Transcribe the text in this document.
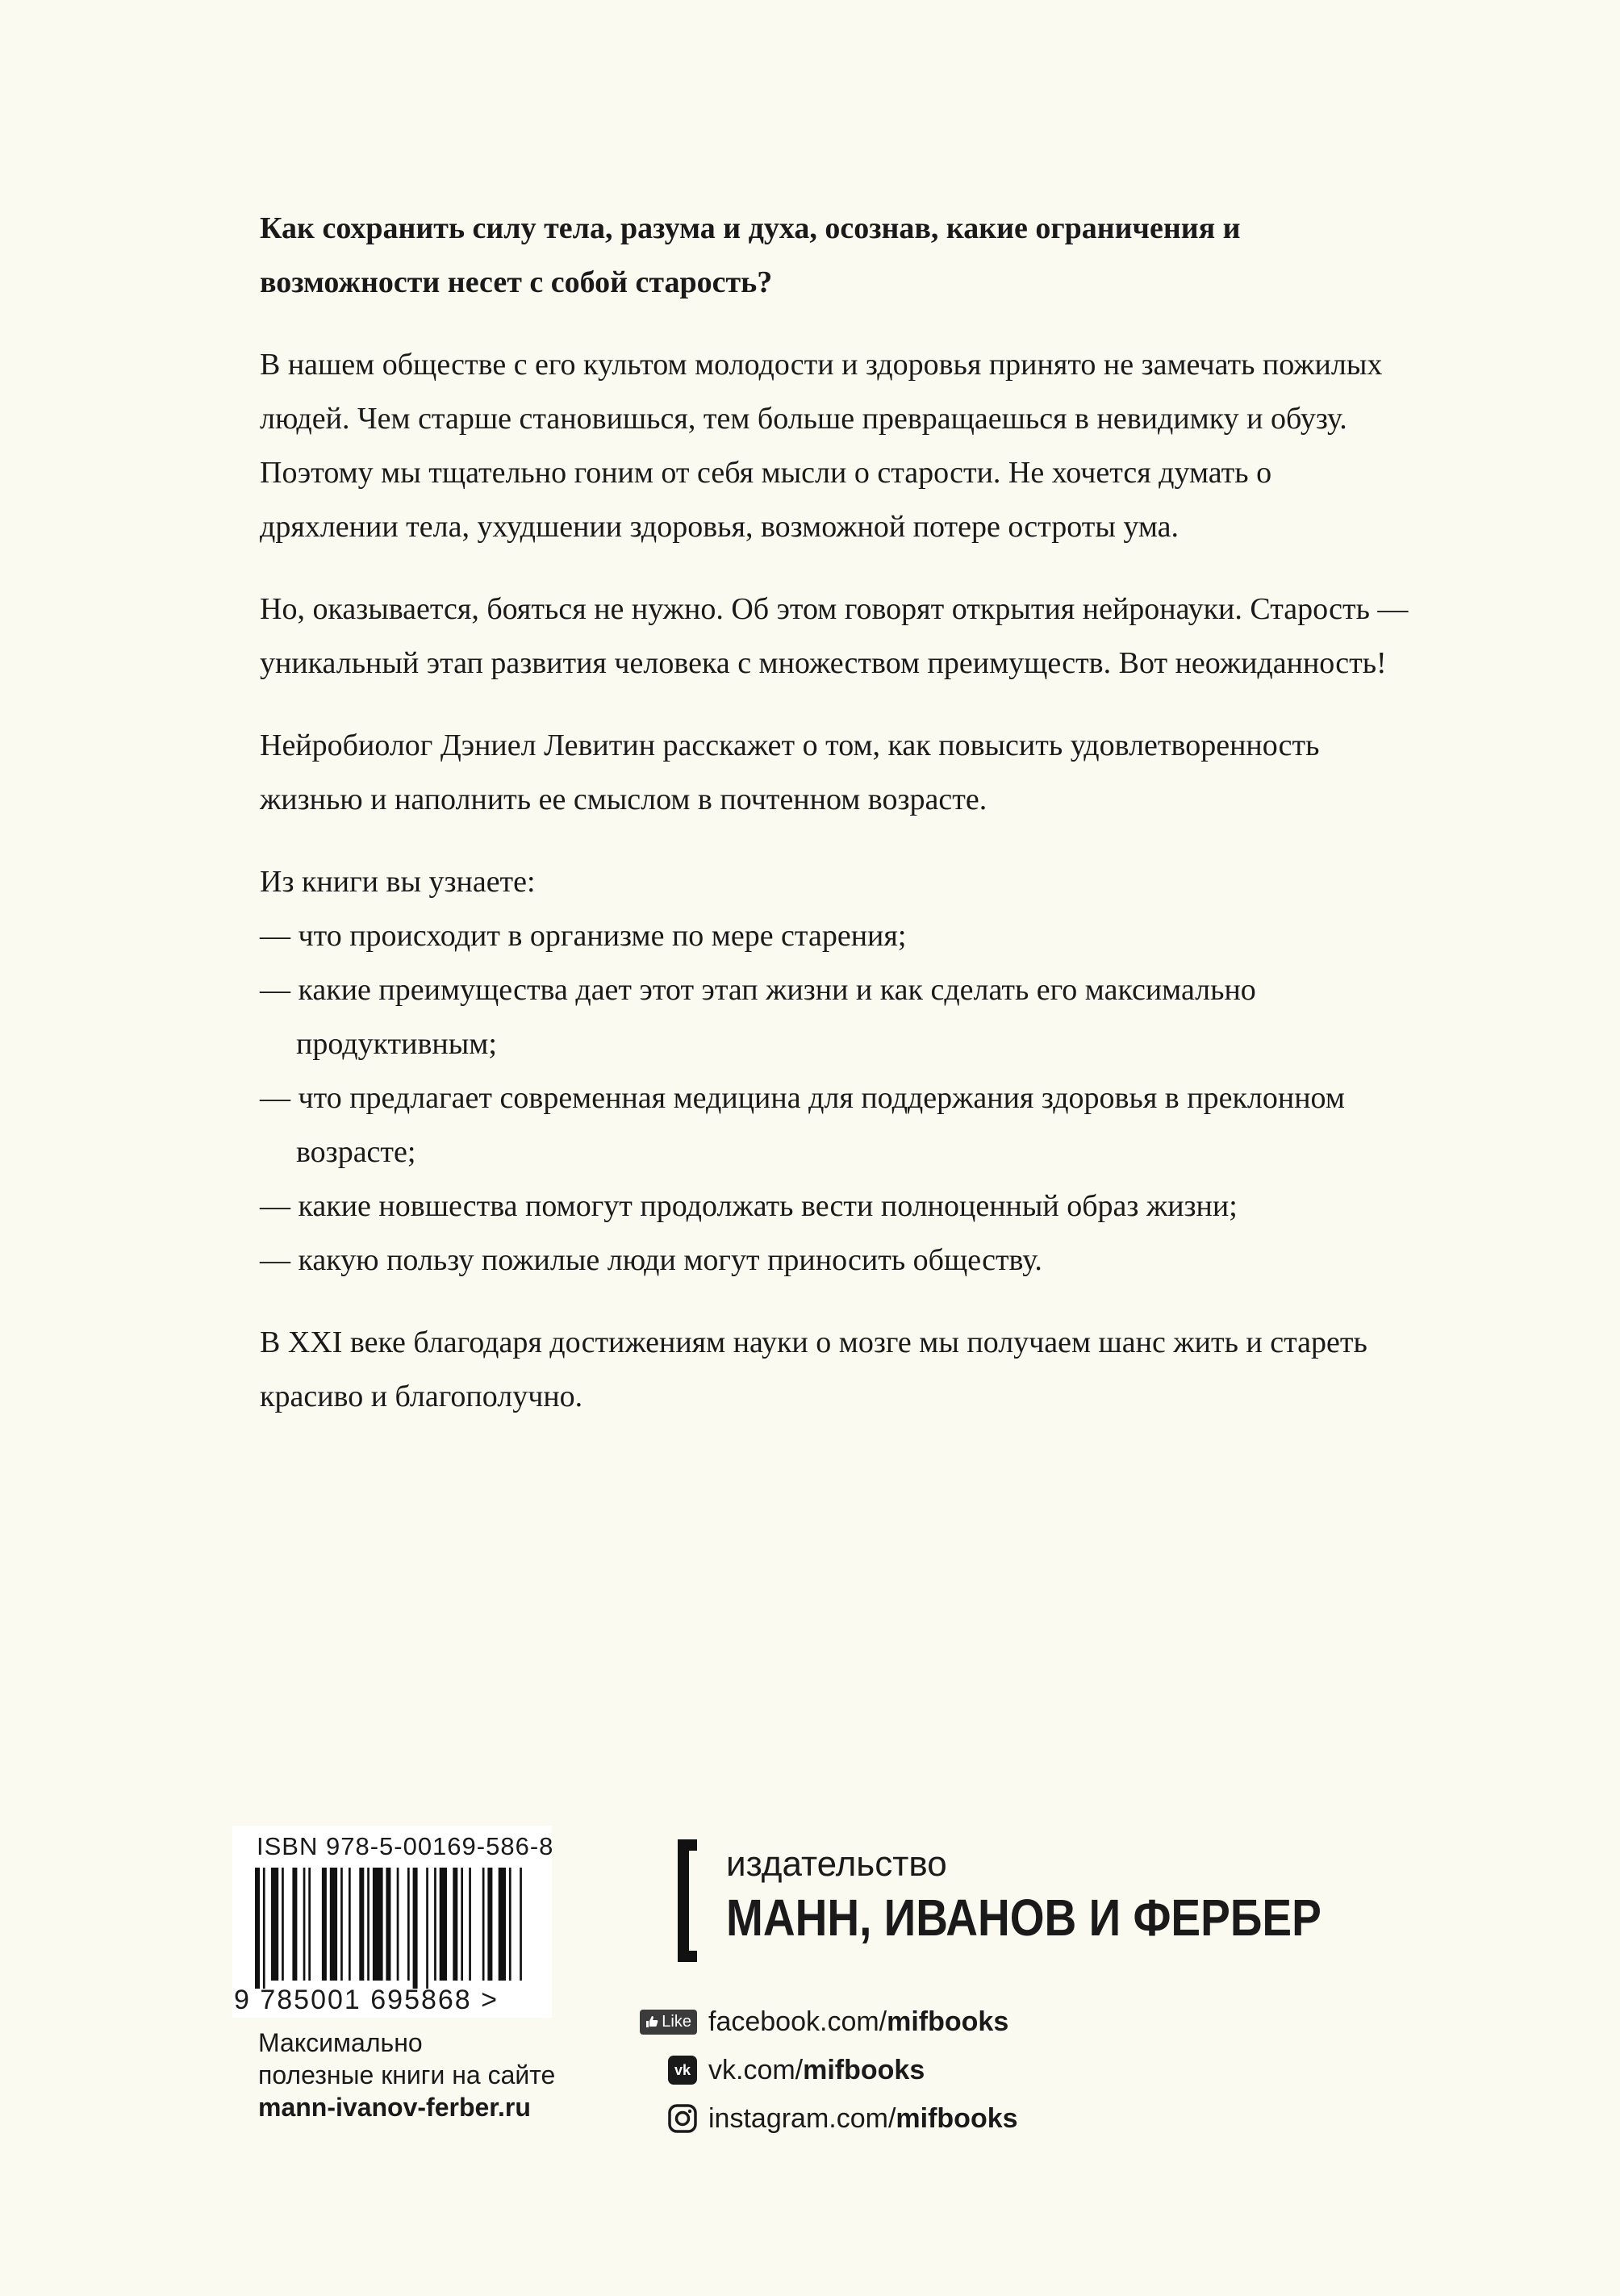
Как сохранить силу тела, разума и духа, осознав, какие ограничения и возможности несет с собой старость?

В нашем обществе с его культом молодости и здоровья принято не замечать пожилых людей. Чем старше становишься, тем больше превращаешься в невидимку и обузу. Поэтому мы тщательно гоним от себя мысли о старости. Не хочется думать о дряхлении тела, ухудшении здоровья, возможной потере остроты ума.

Но, оказывается, бояться не нужно. Об этом говорят открытия нейронауки. Старость — уникальный этап развития человека с множеством преимуществ. Вот неожиданность!

Нейробиолог Дэниел Левитин расскажет о том, как повысить удовлетворенность жизнью и наполнить ее смыслом в почтенном возрасте.

Из книги вы узнаете:
— что происходит в организме по мере старения;
— какие преимущества дает этот этап жизни и как сделать его максимально продуктивным;
— что предлагает современная медицина для поддержания здоровья в преклонном возрасте;
— какие новшества помогут продолжать вести полноценный образ жизни;
— какую пользу пожилые люди могут приносить обществу.

В XXI веке благодаря достижениям науки о мозге мы получаем шанс жить и стареть красиво и благополучно.

ISBN 978-5-00169-586-8
9 785001 695868 >
Максимально
полезные книги на сайте
mann-ivanov-ferber.ru
издательство
МАНН, ИВАНОВ И ФЕРБЕР
Like facebook.com/ mifbooks
vk vk.com/ mifbooks
instagram.com/ mifbooks
